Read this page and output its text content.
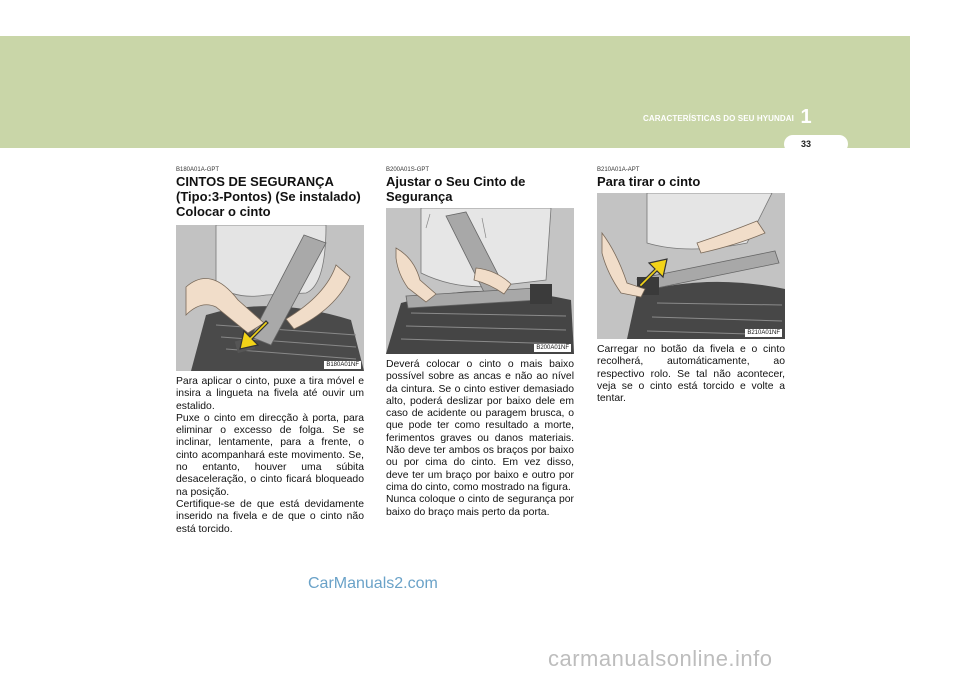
CARACTERÍSTICAS DO SEU HYUNDAI 1
33
B180A01A-GPT
CINTOS DE SEGURANÇA (Tipo:3-Pontos) (Se instalado) Colocar o cinto
B180A01NF
Para aplicar o cinto, puxe a tira móvel e insira a lingueta na fivela até ouvir um estalido.
Puxe o cinto em direcção à porta, para eliminar o excesso de folga. Se se inclinar, lentamente, para a frente, o cinto acompanhará este movimento. Se, no entanto, houver uma súbita desaceleração, o cinto ficará bloqueado na posição.
Certifique-se de que está devidamente inserido na fivela e de que o cinto não está torcido.
B200A01S-GPT
Ajustar o Seu Cinto de Segurança
B200A01NF
Deverá colocar o cinto o mais baixo possível sobre as ancas e não ao nível da cintura. Se o cinto estiver demasiado alto, poderá deslizar por baixo dele em caso de acidente ou paragem brusca, o que pode ter como resultado a morte, ferimentos graves ou danos materiais. Não deve ter ambos os braços por baixo ou por cima do cinto. Em vez disso, deve ter um braço por baixo e outro por cima do cinto, como mostrado na figura.
Nunca coloque o cinto de segurança por baixo do braço mais perto da porta.
B210A01A-APT
Para tirar o cinto
B210A01NF
Carregar no botão da fivela e o cinto recolherá, automáticamente, ao respectivo rolo. Se tal não acontecer, veja se o cinto está torcido e volte a tentar.
CarManuals2.com
carmanualsonline.info
